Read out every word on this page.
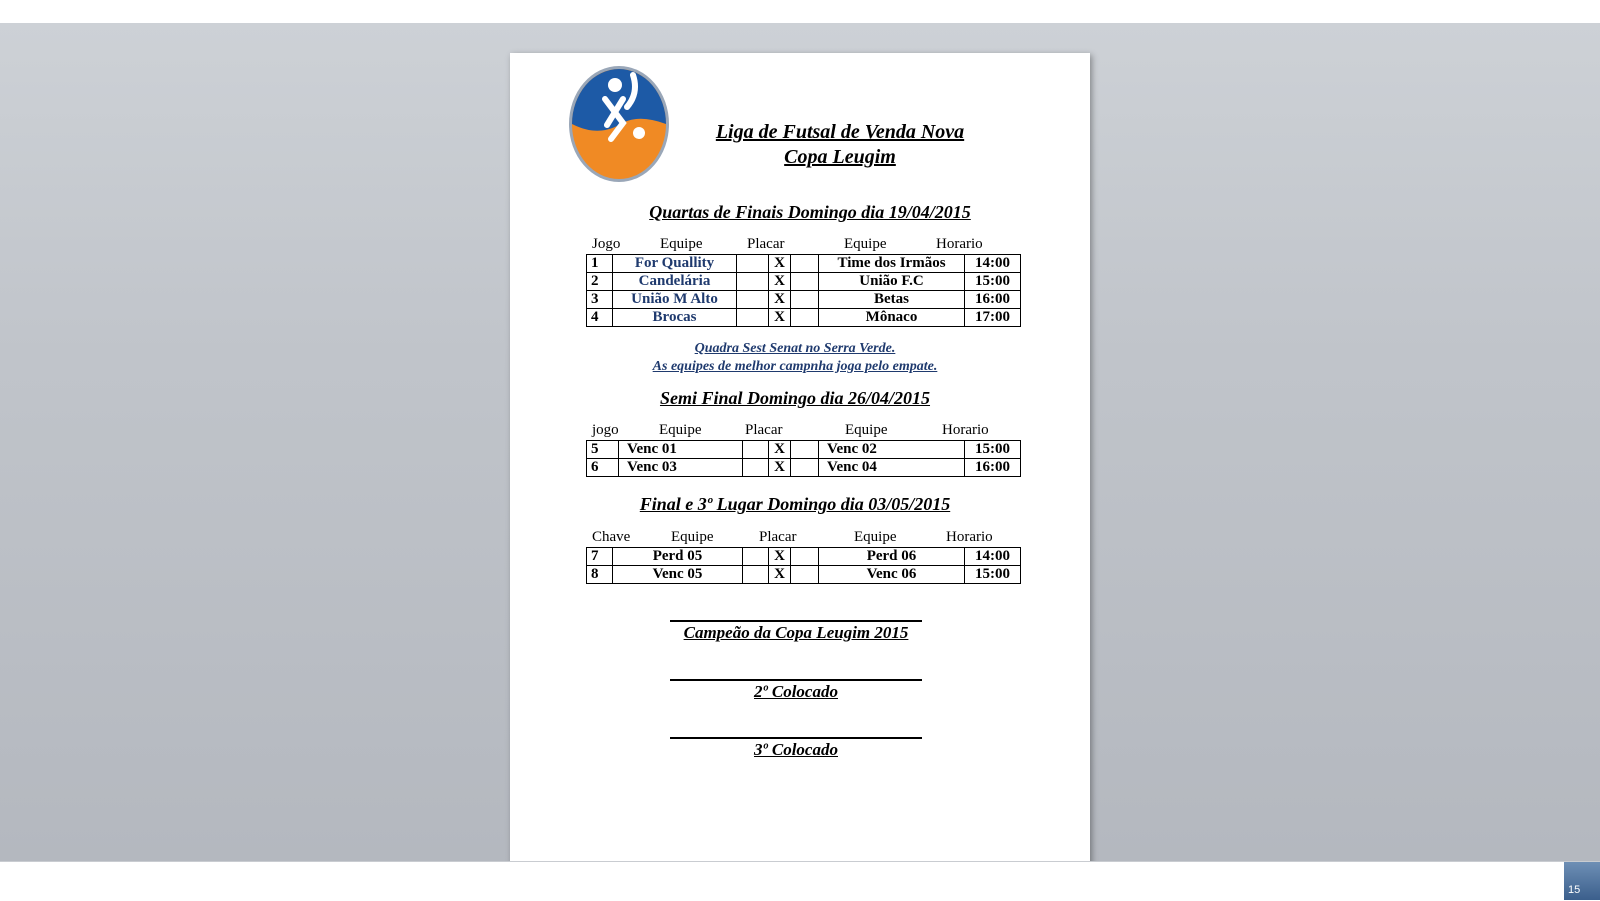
Liga de Futsal de Venda Nova
Copa Leugim
Quartas de Finais Domingo dia 19/04/2015
Jogo	Equipe	Placar	Equipe	Horario
1	For Quallity		X		Time dos Irmãos	14:00
2	Candelária		X		União F.C	15:00
3	União M Alto		X		Betas	16:00
4	Brocas		X		Mônaco	17:00
Quadra Sest Senat no Serra Verde.
As equipes de melhor campnha joga pelo empate.
Semi Final Domingo dia 26/04/2015
jogo	Equipe	Placar	Equipe	Horario
5	Venc 01		X		Venc 02	15:00
6	Venc 03		X		Venc 04	16:00
Final e 3º Lugar Domingo dia 03/05/2015
Chave	Equipe	Placar	Equipe	Horario
7	Perd 05		X		Perd 06	14:00
8	Venc 05		X		Venc 06	15:00
Campeão da Copa Leugim 2015
2º Colocado
3º Colocado
15
